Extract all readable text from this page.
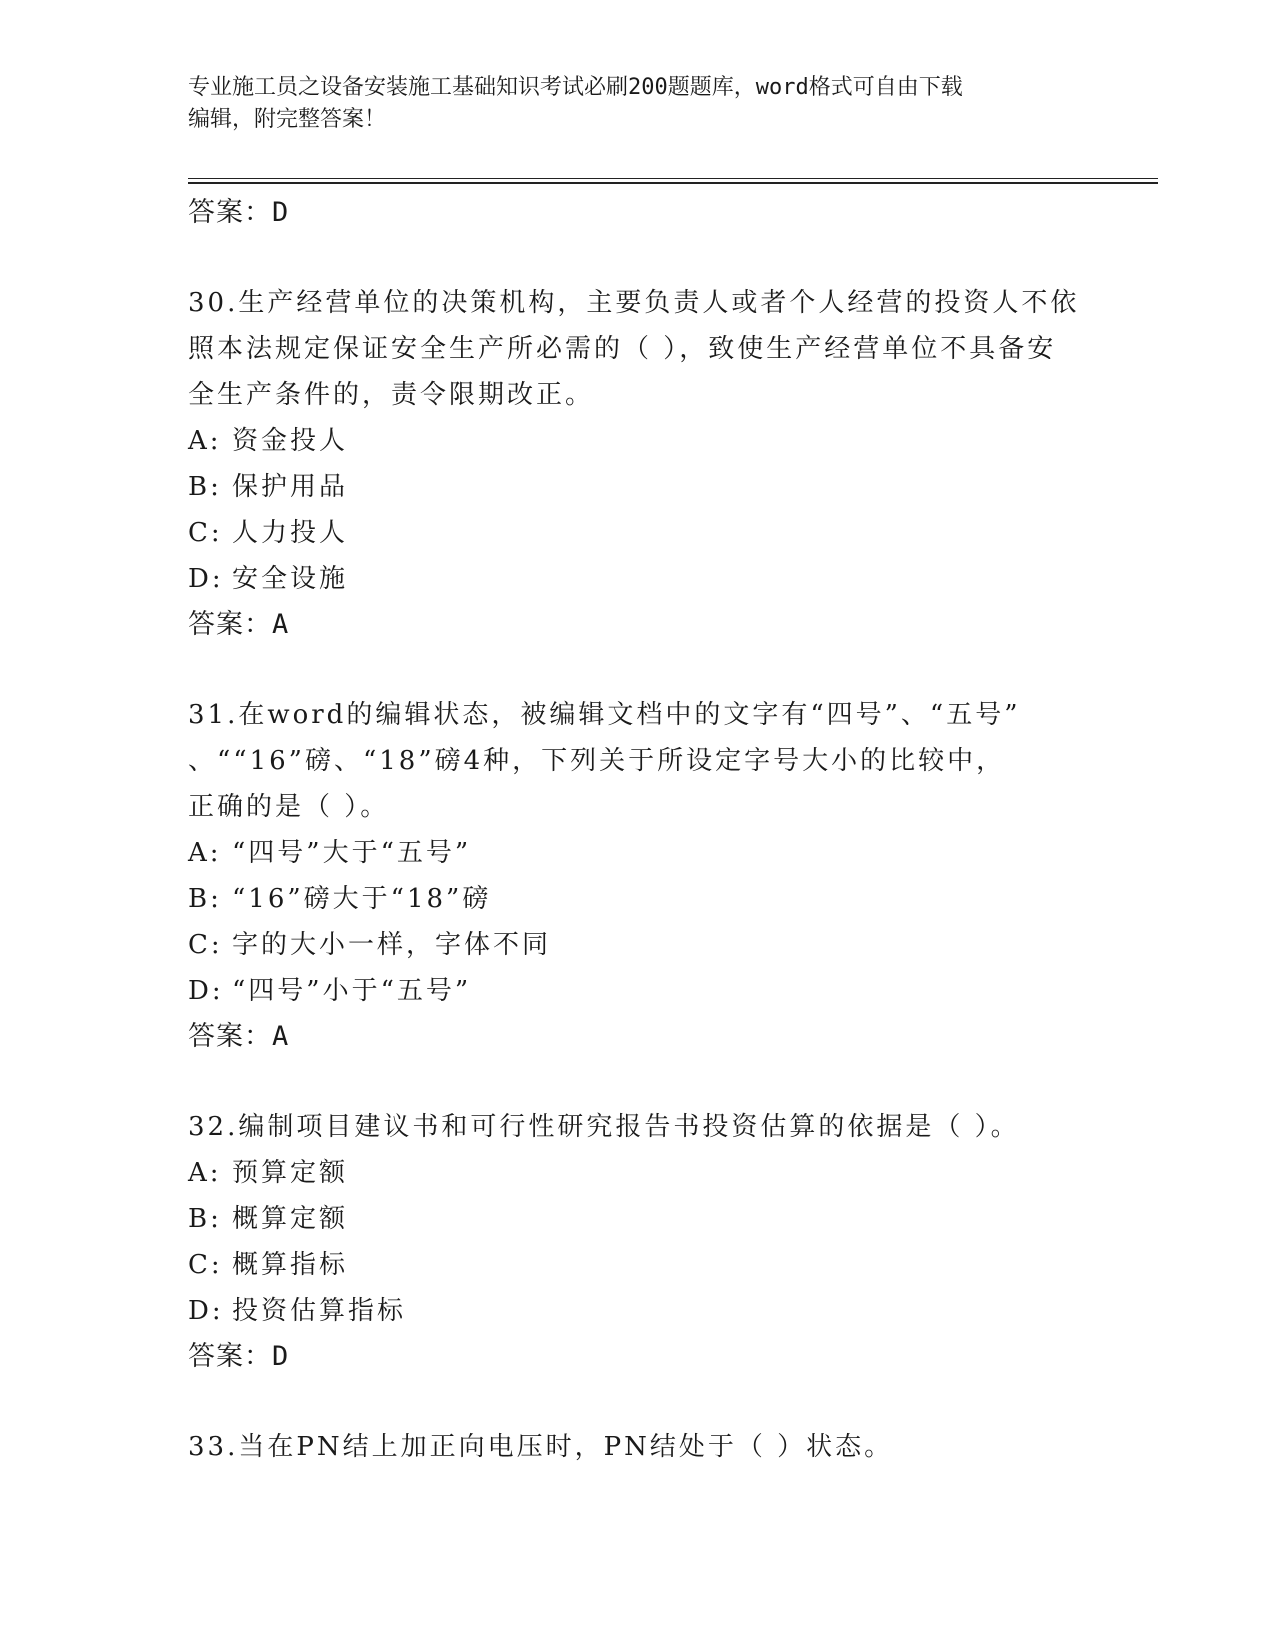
专业施工员之设备安装施工基础知识考试必刷200题题库，word格式可自由下载
编辑，附完整答案！
答案：D
30.生产经营单位的决策机构，主要负责人或者个人经营的投资人不依
照本法规定保证安全生产所必需的（ ），致使生产经营单位不具备安
全生产条件的，责令限期改正。
A: 资金投人
B: 保护用品
C: 人力投人
D: 安全设施
答案：A
31.在word的编辑状态，被编辑文档中的文字有“四号”、“五号”
、““16”磅、“18”磅4种，下列关于所设定字号大小的比较中，
正确的是（ ）。
A: “四号”大于“五号”
B: “16”磅大于“18”磅
C: 字的大小一样，字体不同
D: “四号”小于“五号”
答案：A
32.编制项目建议书和可行性研究报告书投资估算的依据是（ ）。
A: 预算定额
B: 概算定额
C: 概算指标
D: 投资估算指标
答案：D
33.当在PN结上加正向电压时，PN结处于（ ）状态。
